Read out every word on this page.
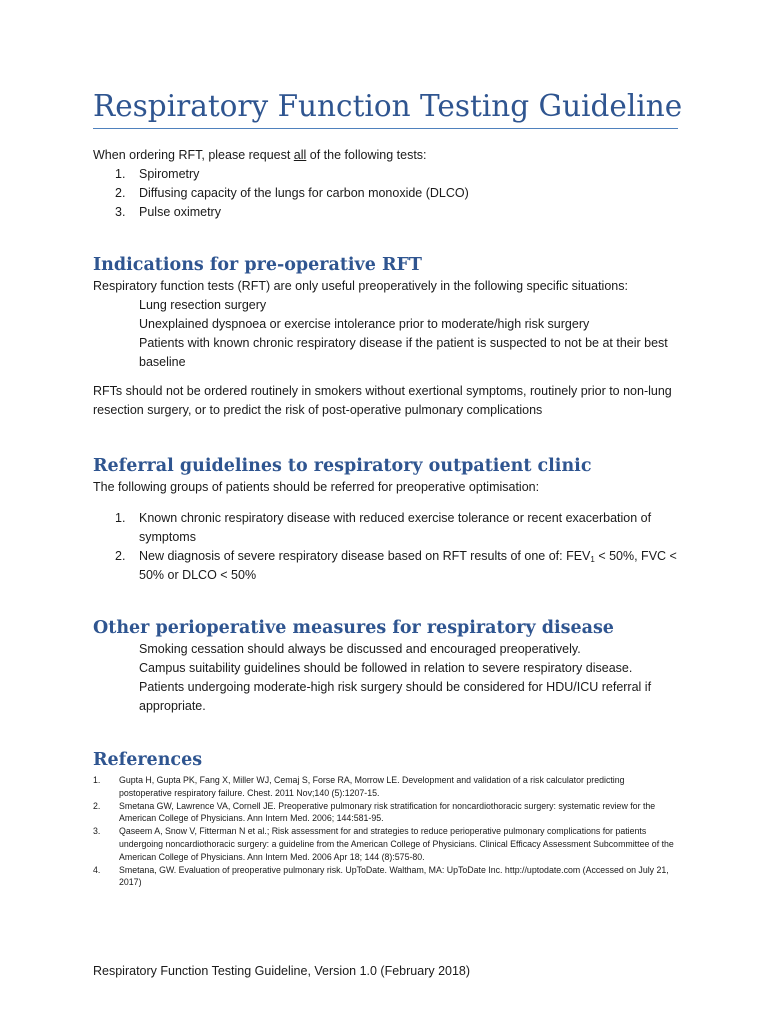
Respiratory Function Testing Guideline

When ordering RFT, please request all of the following tests:

1. Spirometry
2. Diffusing capacity of the lungs for carbon monoxide (DLCO)
3. Pulse oximetry
Indications for pre-operative RFT

Respiratory function tests (RFT) are only useful preoperatively in the following specific situations:

Lung resection surgery
Unexplained dyspnoea or exercise intolerance prior to moderate/high risk surgery
Patients with known chronic respiratory disease if the patient is suspected to not be at their best baseline

RFTs should not be ordered routinely in smokers without exertional symptoms, routinely prior to non-lung resection surgery, or to predict the risk of post-operative pulmonary complications

Referral guidelines to respiratory outpatient clinic

The following groups of patients should be referred for preoperative optimisation:

1. Known chronic respiratory disease with reduced exercise tolerance or recent exacerbation of symptoms
2. New diagnosis of severe respiratory disease based on RFT results of one of: $FEV_1 < 50\%$, FVC < 50% or DLCO < 50%
Other perioperative measures for respiratory disease
Smoking cessation should always be discussed and encouraged preoperatively.
Campus suitability guidelines should be followed in relation to severe respiratory disease.
Patients undergoing moderate-high risk surgery should be considered for HDU/ICU referral if appropriate.
References
1. Gupta H, Gupta PK, Fang X, Miller WJ, Cemaj S, Forse RA, Morrow LE. Development and validation of a risk calculator predicting postoperative respiratory failure. Chest. 2011 Nov;140 (5):1207-15.
2. Smetana GW, Lawrence VA, Cornell JE. Preoperative pulmonary risk stratification for noncardiothoracic surgery: systematic review for the American College of Physicians. Ann Intern Med. 2006; 144:581-95.
3. Qaseem A, Snow V, Fitterman N et al.; Risk assessment for and strategies to reduce perioperative pulmonary complications for patients undergoing noncardiothoracic surgery: a guideline from the American College of Physicians. Clinical Efficacy Assessment Subcommittee of the American College of Physicians. Ann Intern Med. 2006 Apr 18; 144 (8):575-80.
4. Smetana, GW. Evaluation of preoperative pulmonary risk. UpToDate. Waltham, MA: UpToDate Inc. http://uptodate.com (Accessed on July 21, 2017)
Respiratory Function Testing Guideline, Version 1.0 (February 2018)
